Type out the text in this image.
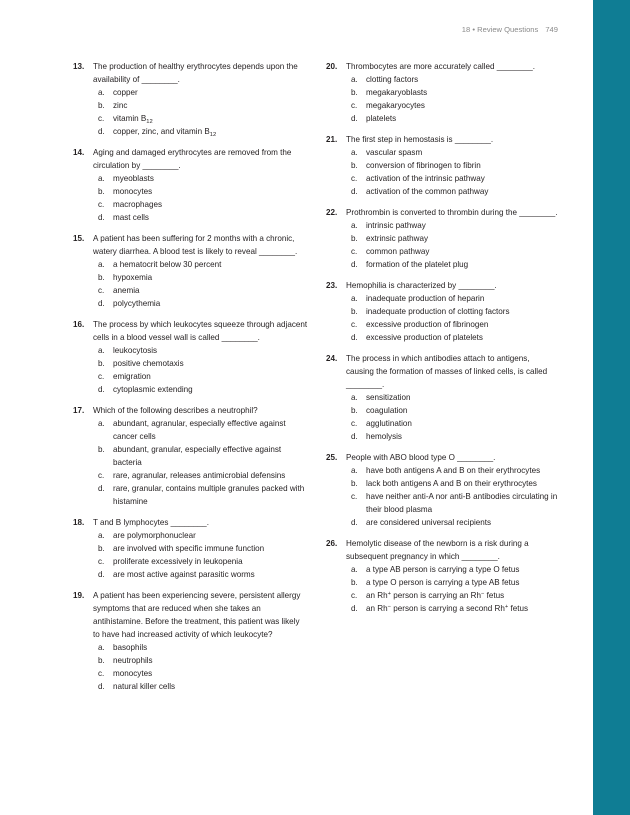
18 • Review Questions 749
13. The production of healthy erythrocytes depends upon the availability of ________.
a. copper
b. zinc
c. vitamin $B_{12}$
d. copper, zinc, and vitamin $B_{12}$
14. Aging and damaged erythrocytes are removed from the circulation by ________.
a. myeoblasts
b. monocytes
c. macrophages
d. mast cells
15. A patient has been suffering for 2 months with a chronic, watery diarrhea. A blood test is likely to reveal ________.
a. a hematocrit below 30 percent
b. hypoxemia
c. anemia
d. polycythemia
16. The process by which leukocytes squeeze through adjacent cells in a blood vessel wall is called ________.
a. leukocytosis
b. positive chemotaxis
c. emigration
d. cytoplasmic extending
17. Which of the following describes a neutrophil?
a. abundant, agranular, especially effective against cancer cells
b. abundant, granular, especially effective against bacteria
c. rare, agranular, releases antimicrobial defensins
d. rare, granular, contains multiple granules packed with histamine
18. T and B lymphocytes ________.
a. are polymorphonuclear
b. are involved with specific immune function
c. proliferate excessively in leukopenia
d. are most active against parasitic worms
19. A patient has been experiencing severe, persistent allergy symptoms that are reduced when she takes an antihistamine. Before the treatment, this patient was likely to have had increased activity of which leukocyte?
a. basophils
b. neutrophils
c. monocytes
d. natural killer cells
20. Thrombocytes are more accurately called ________.
a. clotting factors
b. megakaryoblasts
c. megakaryocytes
d. platelets
21. The first step in hemostasis is ________.
a. vascular spasm
b. conversion of fibrinogen to fibrin
c. activation of the intrinsic pathway
d. activation of the common pathway
22. Prothrombin is converted to thrombin during the ________.
a. intrinsic pathway
b. extrinsic pathway
c. common pathway
d. formation of the platelet plug
23. Hemophilia is characterized by ________.
a. inadequate production of heparin
b. inadequate production of clotting factors
c. excessive production of fibrinogen
d. excessive production of platelets
24. The process in which antibodies attach to antigens, causing the formation of masses of linked cells, is called ________.
a. sensitization
b. coagulation
c. agglutination
d. hemolysis
25. People with ABO blood type O ________.
a. have both antigens A and B on their erythrocytes
b. lack both antigens A and B on their erythrocytes
c. have neither anti-A nor anti-B antibodies circulating in their blood plasma
d. are considered universal recipients
26. Hemolytic disease of the newborn is a risk during a subsequent pregnancy in which ________.
a. a type AB person is carrying a type O fetus
b. a type O person is carrying a type AB fetus
c. an Rh+ person is carrying an Rh− fetus
d. an Rh− person is carrying a second Rh+ fetus
